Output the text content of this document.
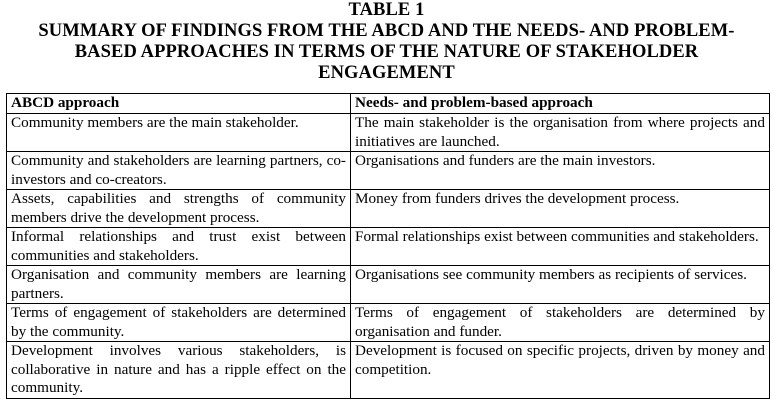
TABLE 1
SUMMARY OF FINDINGS FROM THE ABCD AND THE NEEDS- AND PROBLEM-
BASED APPROACHES IN TERMS OF THE NATURE OF STAKEHOLDER
ENGAGEMENT
ABCD approach	Needs- and problem-based approach
Community members are the main stakeholder.	The main stakeholder is the organisation from where projects and initiatives are launched.
Community and stakeholders are learning partners, co-investors and co-creators.	Organisations and funders are the main investors.
Assets, capabilities and strengths of community members drive the development process.	Money from funders drives the development process.
Informal relationships and trust exist between communities and stakeholders.	Formal relationships exist between communities and stakeholders.
Organisation and community members are learning partners.	Organisations see community members as recipients of services.
Terms of engagement of stakeholders are determined by the community.	Terms of engagement of stakeholders are determined by organisation and funder.
Development involves various stakeholders, is collaborative in nature and has a ripple effect on the community.	Development is focused on specific projects, driven by money and competition.
